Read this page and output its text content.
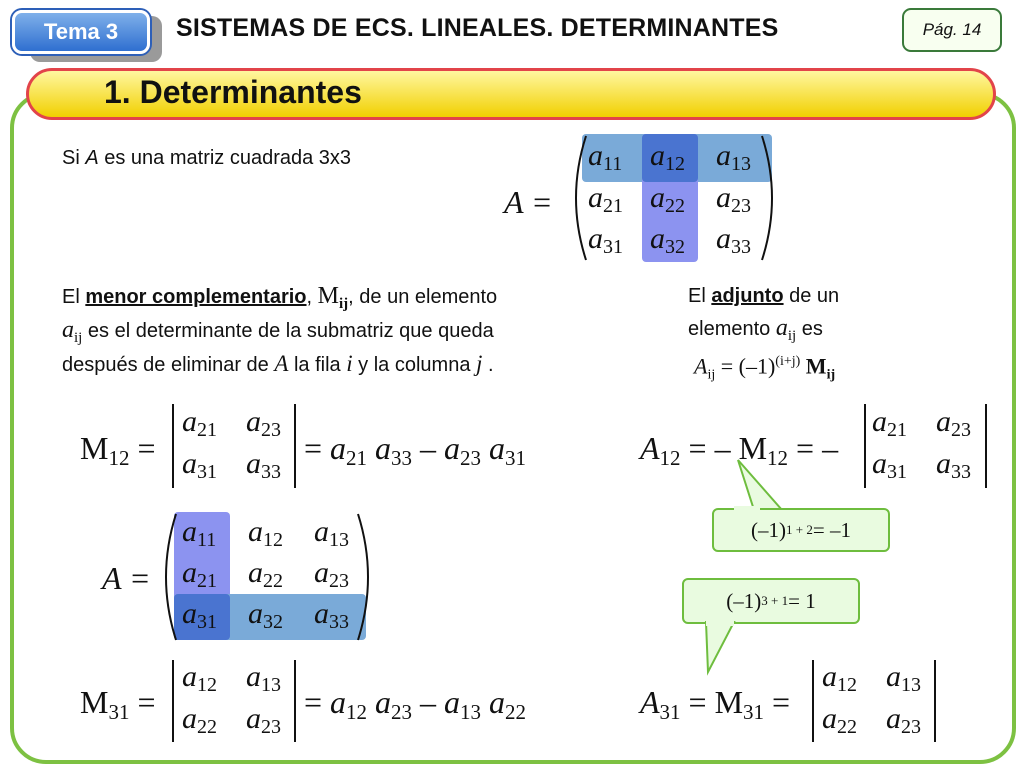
Tema 3	SISTEMAS DE ECS. LINEALES. DETERMINANTES	Pág. 14
1. Determinantes
Si A es una matriz cuadrada 3x3
A =
$a_{11}$ $a_{12}$ $a_{13}$
$a_{21}$ $a_{22}$ $a_{23}$
$a_{31}$ $a_{32}$ $a_{33}$
El menor complementario, $M_{ij}$, de un elemento
$a_{ij}$ es el determinante de la submatriz que queda
después de eliminar de A la fila i y la columna j .
El adjunto de un
elemento $a_{ij}$ es
$A_{ij} = (-1)^{(i+j)}$ $M_{ij}$
$M_{12}$ =
$a_{21}$ $a_{23}$
$a_{31}$ $a_{33}$
= $a_{21}$ $a_{33} - a_{23}$ $a_{31}$	$A_{12}$ = – $M_{12}$ = –
$a_{21}$ $a_{23}$
$a_{31}$ $a_{33}$
(–1) 1 + 2 = –1
A =
$a_{11}$ $a_{12}$ $a_{13}$
$a_{21}$ $a_{22}$ $a_{23}$
$a_{31}$ $a_{32}$ $a_{33}$
(–1) 3 + 1 = 1
$M_{31}$ =
$a_{12}$ $a_{13}$
$a_{22}$ $a_{23}$
= $a_{12}$ $a_{23} - a_{13}$ $a_{22}$	$A_{31} = M_{31}$ =
$a_{12}$ $a_{13}$
$a_{22}$ $a_{23}$
